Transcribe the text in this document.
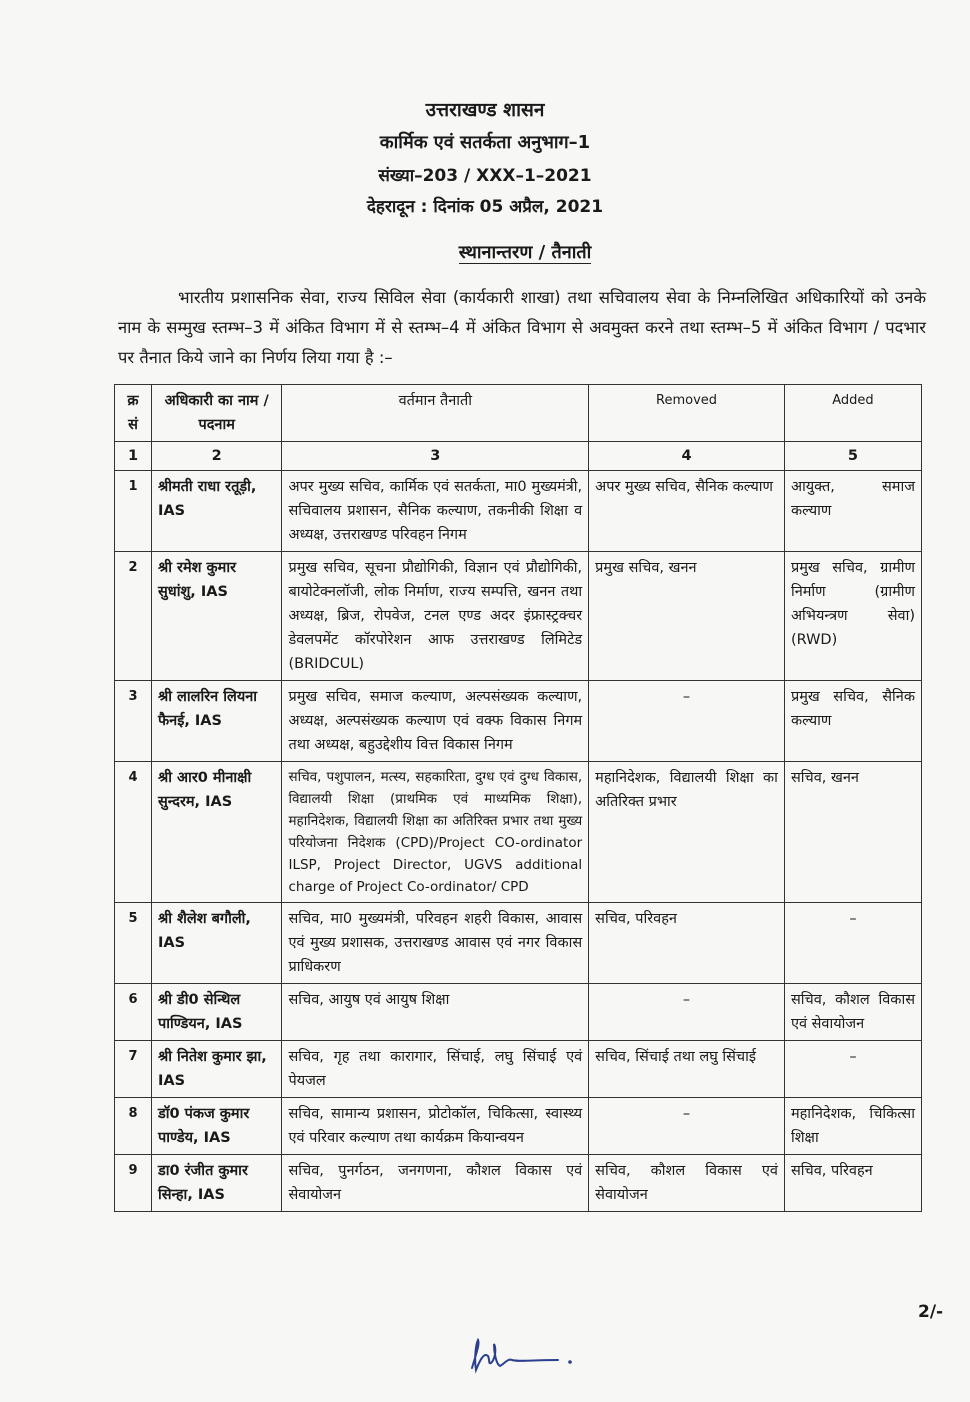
उत्तराखण्ड शासन
कार्मिक एवं सतर्कता अनुभाग–1
संख्या–203 / XXX–1–2021
देहरादून : दिनांक 05 अप्रैल, 2021
स्थानान्तरण / तैनाती
भारतीय प्रशासनिक सेवा, राज्य सिविल सेवा (कार्यकारी शाखा) तथा सचिवालय सेवा के निम्नलिखित अधिकारियों को उनके नाम के सम्मुख स्तम्भ–3 में अंकित विभाग में से स्तम्भ–4 में अंकित विभाग से अवमुक्त करने तथा स्तम्भ–5 में अंकित विभाग / पदभार पर तैनात किये जाने का निर्णय लिया गया है :–
क्र सं	अधिकारी का नाम /पदनाम	वर्तमान तैनाती	Removed	Added
1	2	3	4	5
1	श्रीमती राधा रतूड़ी, IAS	अपर मुख्य सचिव, कार्मिक एवं सतर्कता, मा0 मुख्यमंत्री, सचिवालय प्रशासन, सैनिक कल्याण, तकनीकी शिक्षा व अध्यक्ष, उत्तराखण्ड परिवहन निगम	अपर मुख्य सचिव, सैनिक कल्याण	आयुक्त, समाज कल्याण
2	श्री रमेश कुमार सुधांशु, IAS	प्रमुख सचिव, सूचना प्रौद्योगिकी, विज्ञान एवं प्रौद्योगिकी, बायोटेक्नलॉजी, लोक निर्माण, राज्य सम्पत्ति, खनन तथा अध्यक्ष, ब्रिज, रोपवेज, टनल एण्ड अदर इंफ्रास्ट्रक्चर डेवलपमेंट कॉरपोरेशन आफ उत्तराखण्ड लिमिटेड (BRIDCUL)	प्रमुख सचिव, खनन	प्रमुख सचिव, ग्रामीण निर्माण (ग्रामीण अभियन्त्रण सेवा) (RWD)
3	श्री लालरिन लियना फैनई, IAS	प्रमुख सचिव, समाज कल्याण, अल्पसंख्यक कल्याण, अध्यक्ष, अल्पसंख्यक कल्याण एवं वक्फ विकास निगम तथा अध्यक्ष, बहुउद्देशीय वित्त विकास निगम	–	प्रमुख सचिव, सैनिक कल्याण
4	श्री आर0 मीनाक्षी सुन्दरम, IAS	सचिव, पशुपालन, मत्स्य, सहकारिता, दुग्ध एवं दुग्ध विकास, विद्यालयी शिक्षा (प्राथमिक एवं माध्यमिक शिक्षा), महानिदेशक, विद्यालयी शिक्षा का अतिरिक्त प्रभार तथा मुख्य परियोजना निदेशक (CPD)/Project CO-ordinator ILSP, Project Director, UGVS additional charge of Project Co-ordinator/ CPD	महानिदेशक, विद्यालयी शिक्षा का अतिरिक्त प्रभार	सचिव, खनन
5	श्री शैलेश बगौली, IAS	सचिव, मा0 मुख्यमंत्री, परिवहन शहरी विकास, आवास एवं मुख्य प्रशासक, उत्तराखण्ड आवास एवं नगर विकास प्राधिकरण	सचिव, परिवहन	–
6	श्री डी0 सेन्थिल पाण्डियन, IAS	सचिव, आयुष एवं आयुष शिक्षा	–	सचिव, कौशल विकास एवं सेवायोजन
7	श्री नितेश कुमार झा, IAS	सचिव, गृह तथा कारागार, सिंचाई, लघु सिंचाई एवं पेयजल	सचिव, सिंचाई तथा लघु सिंचाई	–
8	डॉ0 पंकज कुमार पाण्डेय, IAS	सचिव, सामान्य प्रशासन, प्रोटोकॉल, चिकित्सा, स्वास्थ्य एवं परिवार कल्याण तथा कार्यक्रम कियान्वयन	–	महानिदेशक, चिकित्सा शिक्षा
9	डा0 रंजीत कुमार सिन्हा, IAS	सचिव, पुनर्गठन, जनगणना, कौशल विकास एवं सेवायोजन	सचिव, कौशल विकास एवं सेवायोजन	सचिव, परिवहन
2/-
